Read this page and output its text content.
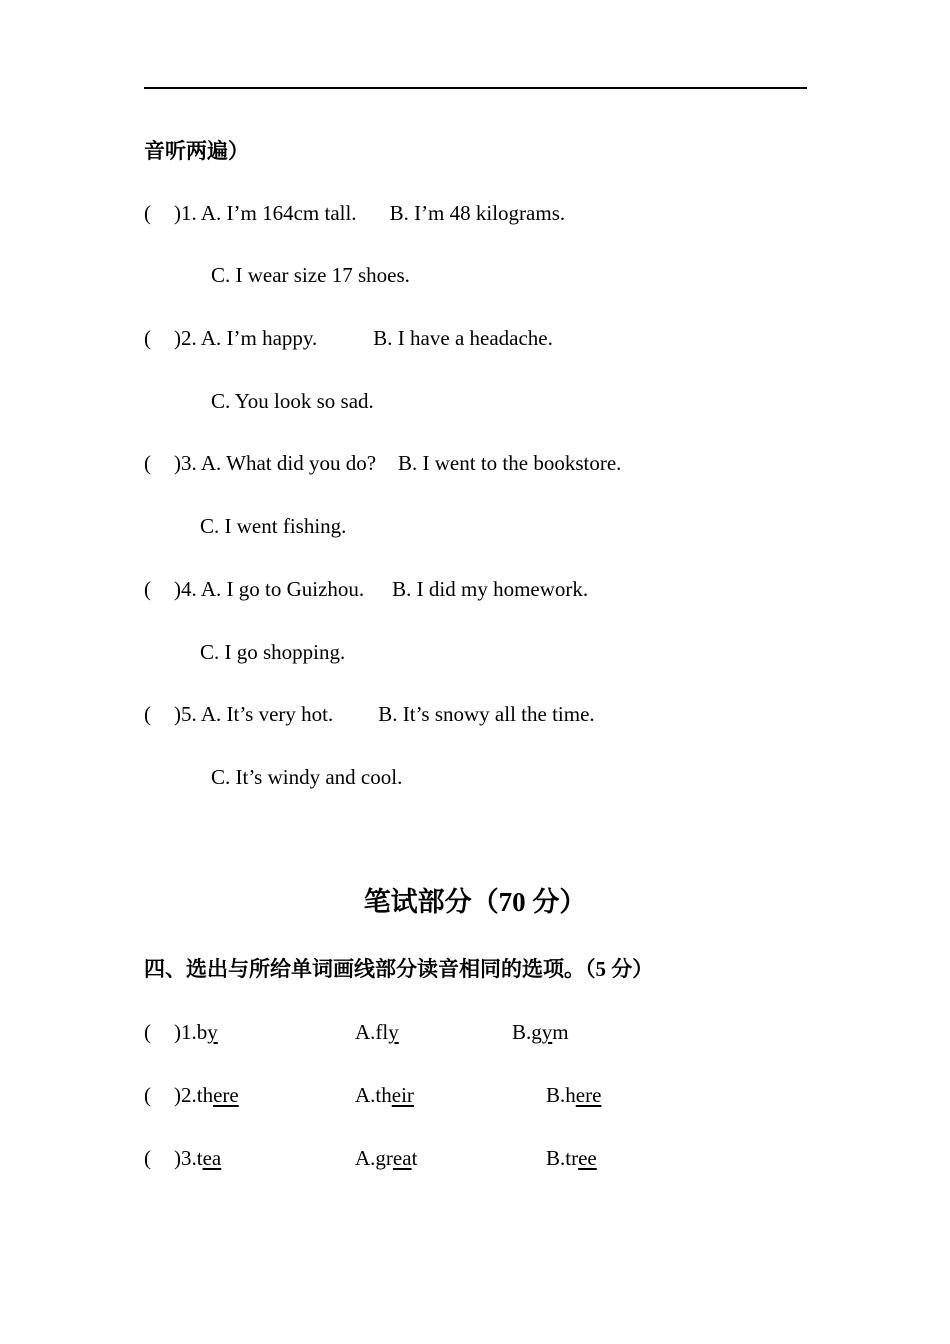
音听两遍）
( )1. A. I’m 164cm tall. B. I’m 48 kilograms.
C. I wear size 17 shoes.
( )2. A. I’m happy.	B. I have a headache.
C. You look so sad.
( )3. A. What did you do? B. I went to the bookstore.
C. I went fishing.
( )4. A. I go to Guizhou. B. I did my homework.
C. I go shopping.
( )5. A. It’s very hot. B. It’s snowy all the time.
C. It’s windy and cool.
笔试部分（70 分）
四、选出与所给单词画线部分读音相同的选项。（5 分）
( )1.by	A.fly	B.gym
( )2.there	A.their	B.here
( )3.tea	A.great	B.tree
